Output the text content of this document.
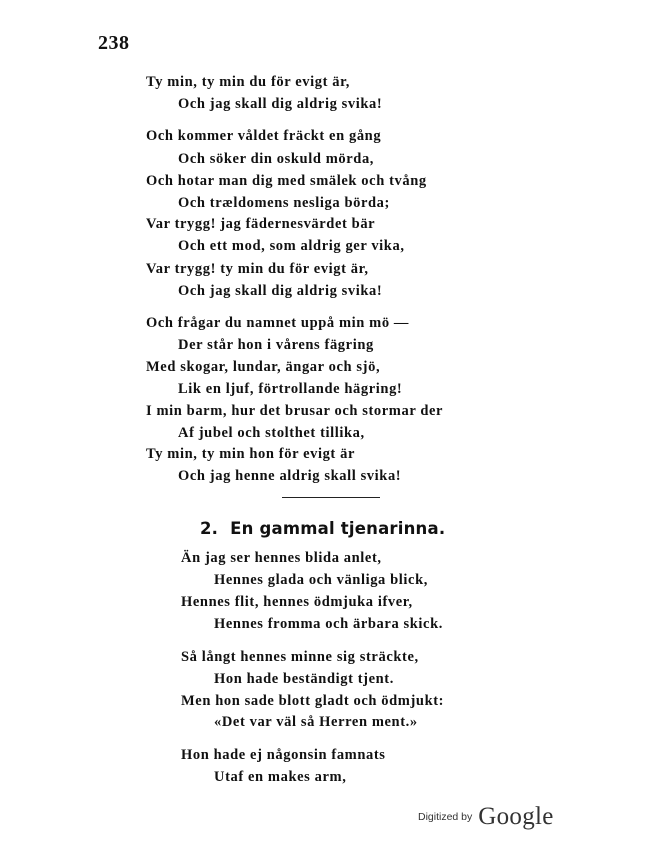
238
Ty min, ty min du för evigt är,
Och jag skall dig aldrig svika!
Och kommer våldet fräckt en gång
Och söker din oskuld mörda,
Och hotar man dig med smälek och tvång
Och trældomens nesliga börda;
Var trygg! jag fädernesvärdet bär
Och ett mod, som aldrig ger vika,
Var trygg! ty min du för evigt är,
Och jag skall dig aldrig svika!
Och frågar du namnet uppå min mö —
Der står hon i vårens fägring
Med skogar, lundar, ängar och sjö,
Lik en ljuf, förtrollande hägring!
I min barm, hur det brusar och stormar der
Af jubel och stolthet tillika,
Ty min, ty min hon för evigt är
Och jag henne aldrig skall svika!
2. En gammal tjenarinna.
Än jag ser hennes blida anlet,
Hennes glada och vänliga blick,
Hennes flit, hennes ödmjuka ifver,
Hennes fromma och ärbara skick.
Så långt hennes minne sig sträckte,
Hon hade beständigt tjent.
Men hon sade blott gladt och ödmjukt:
«Det var väl så Herren ment.»
Hon hade ej någonsin famnats
Utaf en makes arm,
$^{Digitized by}$ Google
